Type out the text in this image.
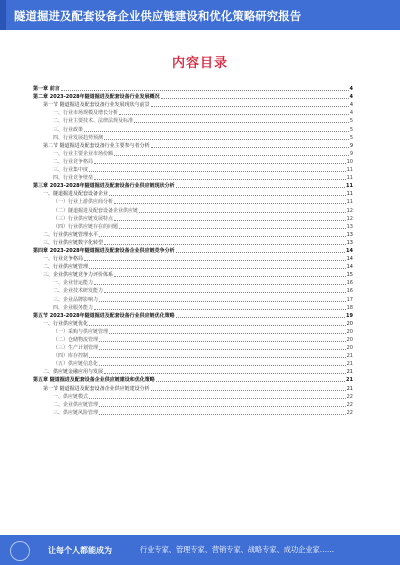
隧道掘进及配套设备企业供应链建设和优化策略研究报告
内容目录
第一章 前言	4
第二章 2023-2028年隧道掘进及配套设备行业发展概况	4
第一节 隧道掘进及配套设备行业发展现状与前景	4
一、行业市场规模及增长分析	4
二、行业主要技术、法律法规及标准	5
三、行业政策	5
四、行业发展趋势预测	5
第二节 隧道掘进及配套设备行业主要参与者分析	9
一、行业主要企业市场份额	9
二、行业竞争格局	10
三、行业集中度	11
四、行业竞争壁垒	11
第三章 2023-2028年隧道掘进及配套设备行业供应链现状分析	11
一、隧道掘进及配套设备企业	11
（一）行业上游供应商分析	11
（二）隧道掘进及配套设备企业供应链	12
（三）行业供应链发展特点	12
（四）行业供应链存在的问题	13
二、行业供应链管理水平	13
三、行业供应链数字化转型	13
第四章 2023-2028年隧道掘进及配套设备企业供应链竞争分析	14
一、行业竞争格局	14
二、行业供应链管理	14
三、企业供应链竞争力评价体系	15
一、企业营运能力	16
二、企业技术研发能力	16
三、企业品牌影响力	17
四、企业服务能力	18
第五节 2023-2028年隧道掘进及配套设备行业供应链优化策略	19
一、行业供应链优化	20
（一）采购与供应链管理	20
（二）仓储物流管理	20
（三）生产计划管理	20
（四）库存控制	21
（五）供应链信息化	21
二、供应链金融应用与发展	21
第五章 隧道掘进及配套设备企业供应链建设和优化策略	21
第一节 隧道掘进及配套设备企业供应链建设分析	21
一、供应链模式	22
二、企业供应链管理	22
三、供应链风险管理	22
让每个人都能成为	行业专家、管理专家、营销专家、战略专家、成功企业家……
